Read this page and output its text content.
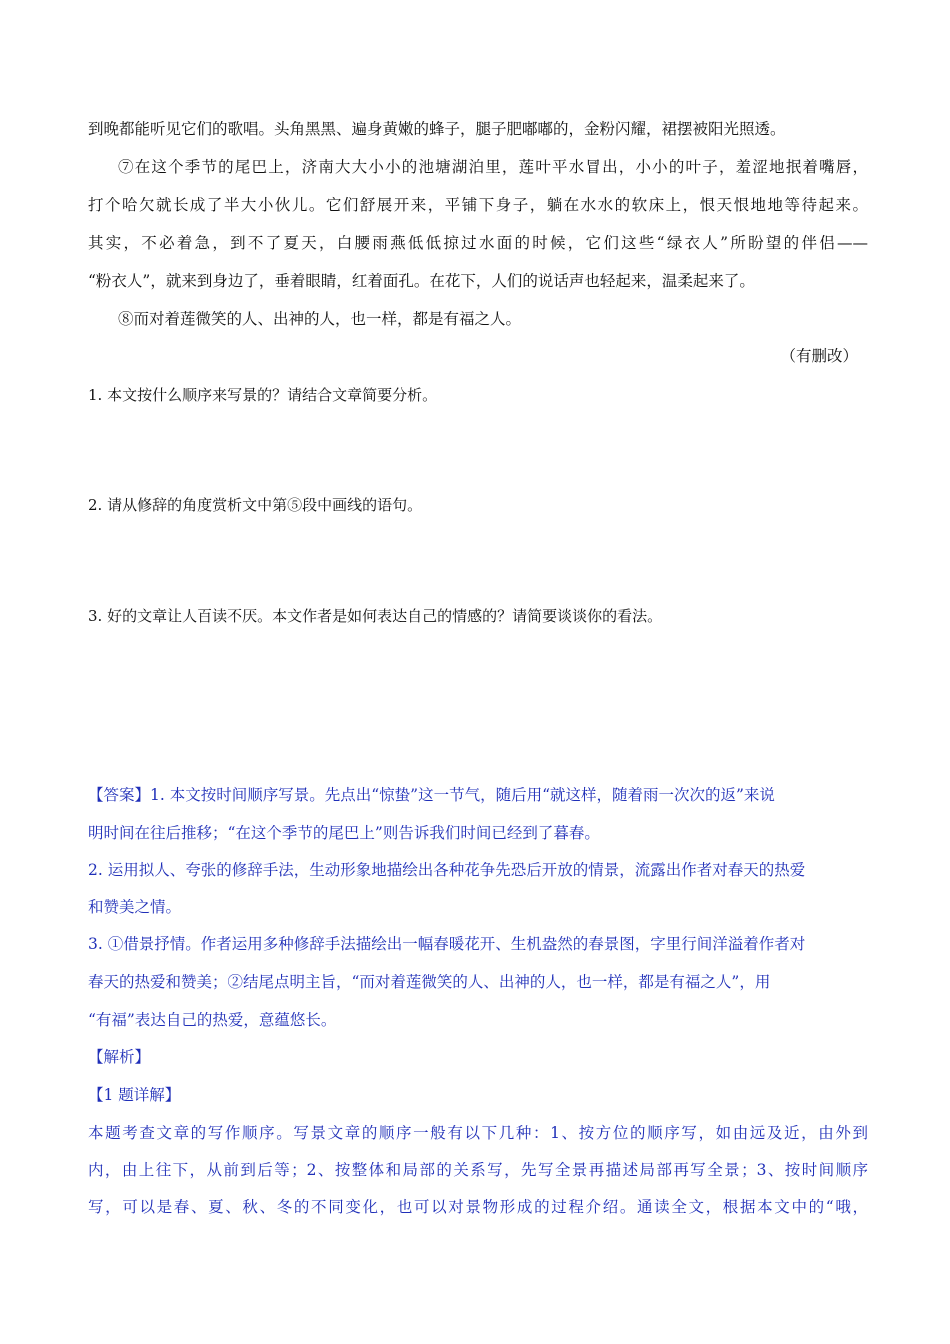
到晚都能听见它们的歌唱。头角黑黑、遍身黄嫩的蜂子，腿子肥嘟嘟的，金粉闪耀，裙摆被阳光照透。
⑦在这个季节的尾巴上，济南大大小小的池塘湖泊里，莲叶平水冒出，小小的叶子，羞涩地抿着嘴唇，
打个哈欠就长成了半大小伙儿。它们舒展开来，平铺下身子，躺在水水的软床上，恨天恨地地等待起来。
其实，不必着急，到不了夏天，白腰雨燕低低掠过水面的时候，它们这些“绿衣人”所盼望的伴侣——
“粉衣人”，就来到身边了，垂着眼睛，红着面孔。在花下，人们的说话声也轻起来，温柔起来了。
⑧而对着莲微笑的人、出神的人，也一样，都是有福之人。
（有删改）
1. 本文按什么顺序来写景的？请结合文章简要分析。
2. 请从修辞的角度赏析文中第⑤段中画线的语句。
3. 好的文章让人百读不厌。本文作者是如何表达自己的情感的？请简要谈谈你的看法。
【答案】1. 本文按时间顺序写景。先点出“惊蛰”这一节气，随后用“就这样，随着雨一次次的返”来说
明时间在往后推移；“在这个季节的尾巴上”则告诉我们时间已经到了暮春。
2. 运用拟人、夸张的修辞手法，生动形象地描绘出各种花争先恐后开放的情景，流露出作者对春天的热爱
和赞美之情。
3. ①借景抒情。作者运用多种修辞手法描绘出一幅春暖花开、生机盎然的春景图，字里行间洋溢着作者对
春天的热爱和赞美；②结尾点明主旨，“而对着莲微笑的人、出神的人，也一样，都是有福之人”，用
“有福”表达自己的热爱，意蕴悠长。
【解析】
【1 题详解】
本题考查文章的写作顺序。写景文章的顺序一般有以下几种：1、按方位的顺序写，如由远及近，由外到
内，由上往下，从前到后等；2、按整体和局部的关系写，先写全景再描述局部再写全景；3、按时间顺序
写，可以是春、夏、秋、冬的不同变化，也可以对景物形成的过程介绍。通读全文，根据本文中的“哦，
